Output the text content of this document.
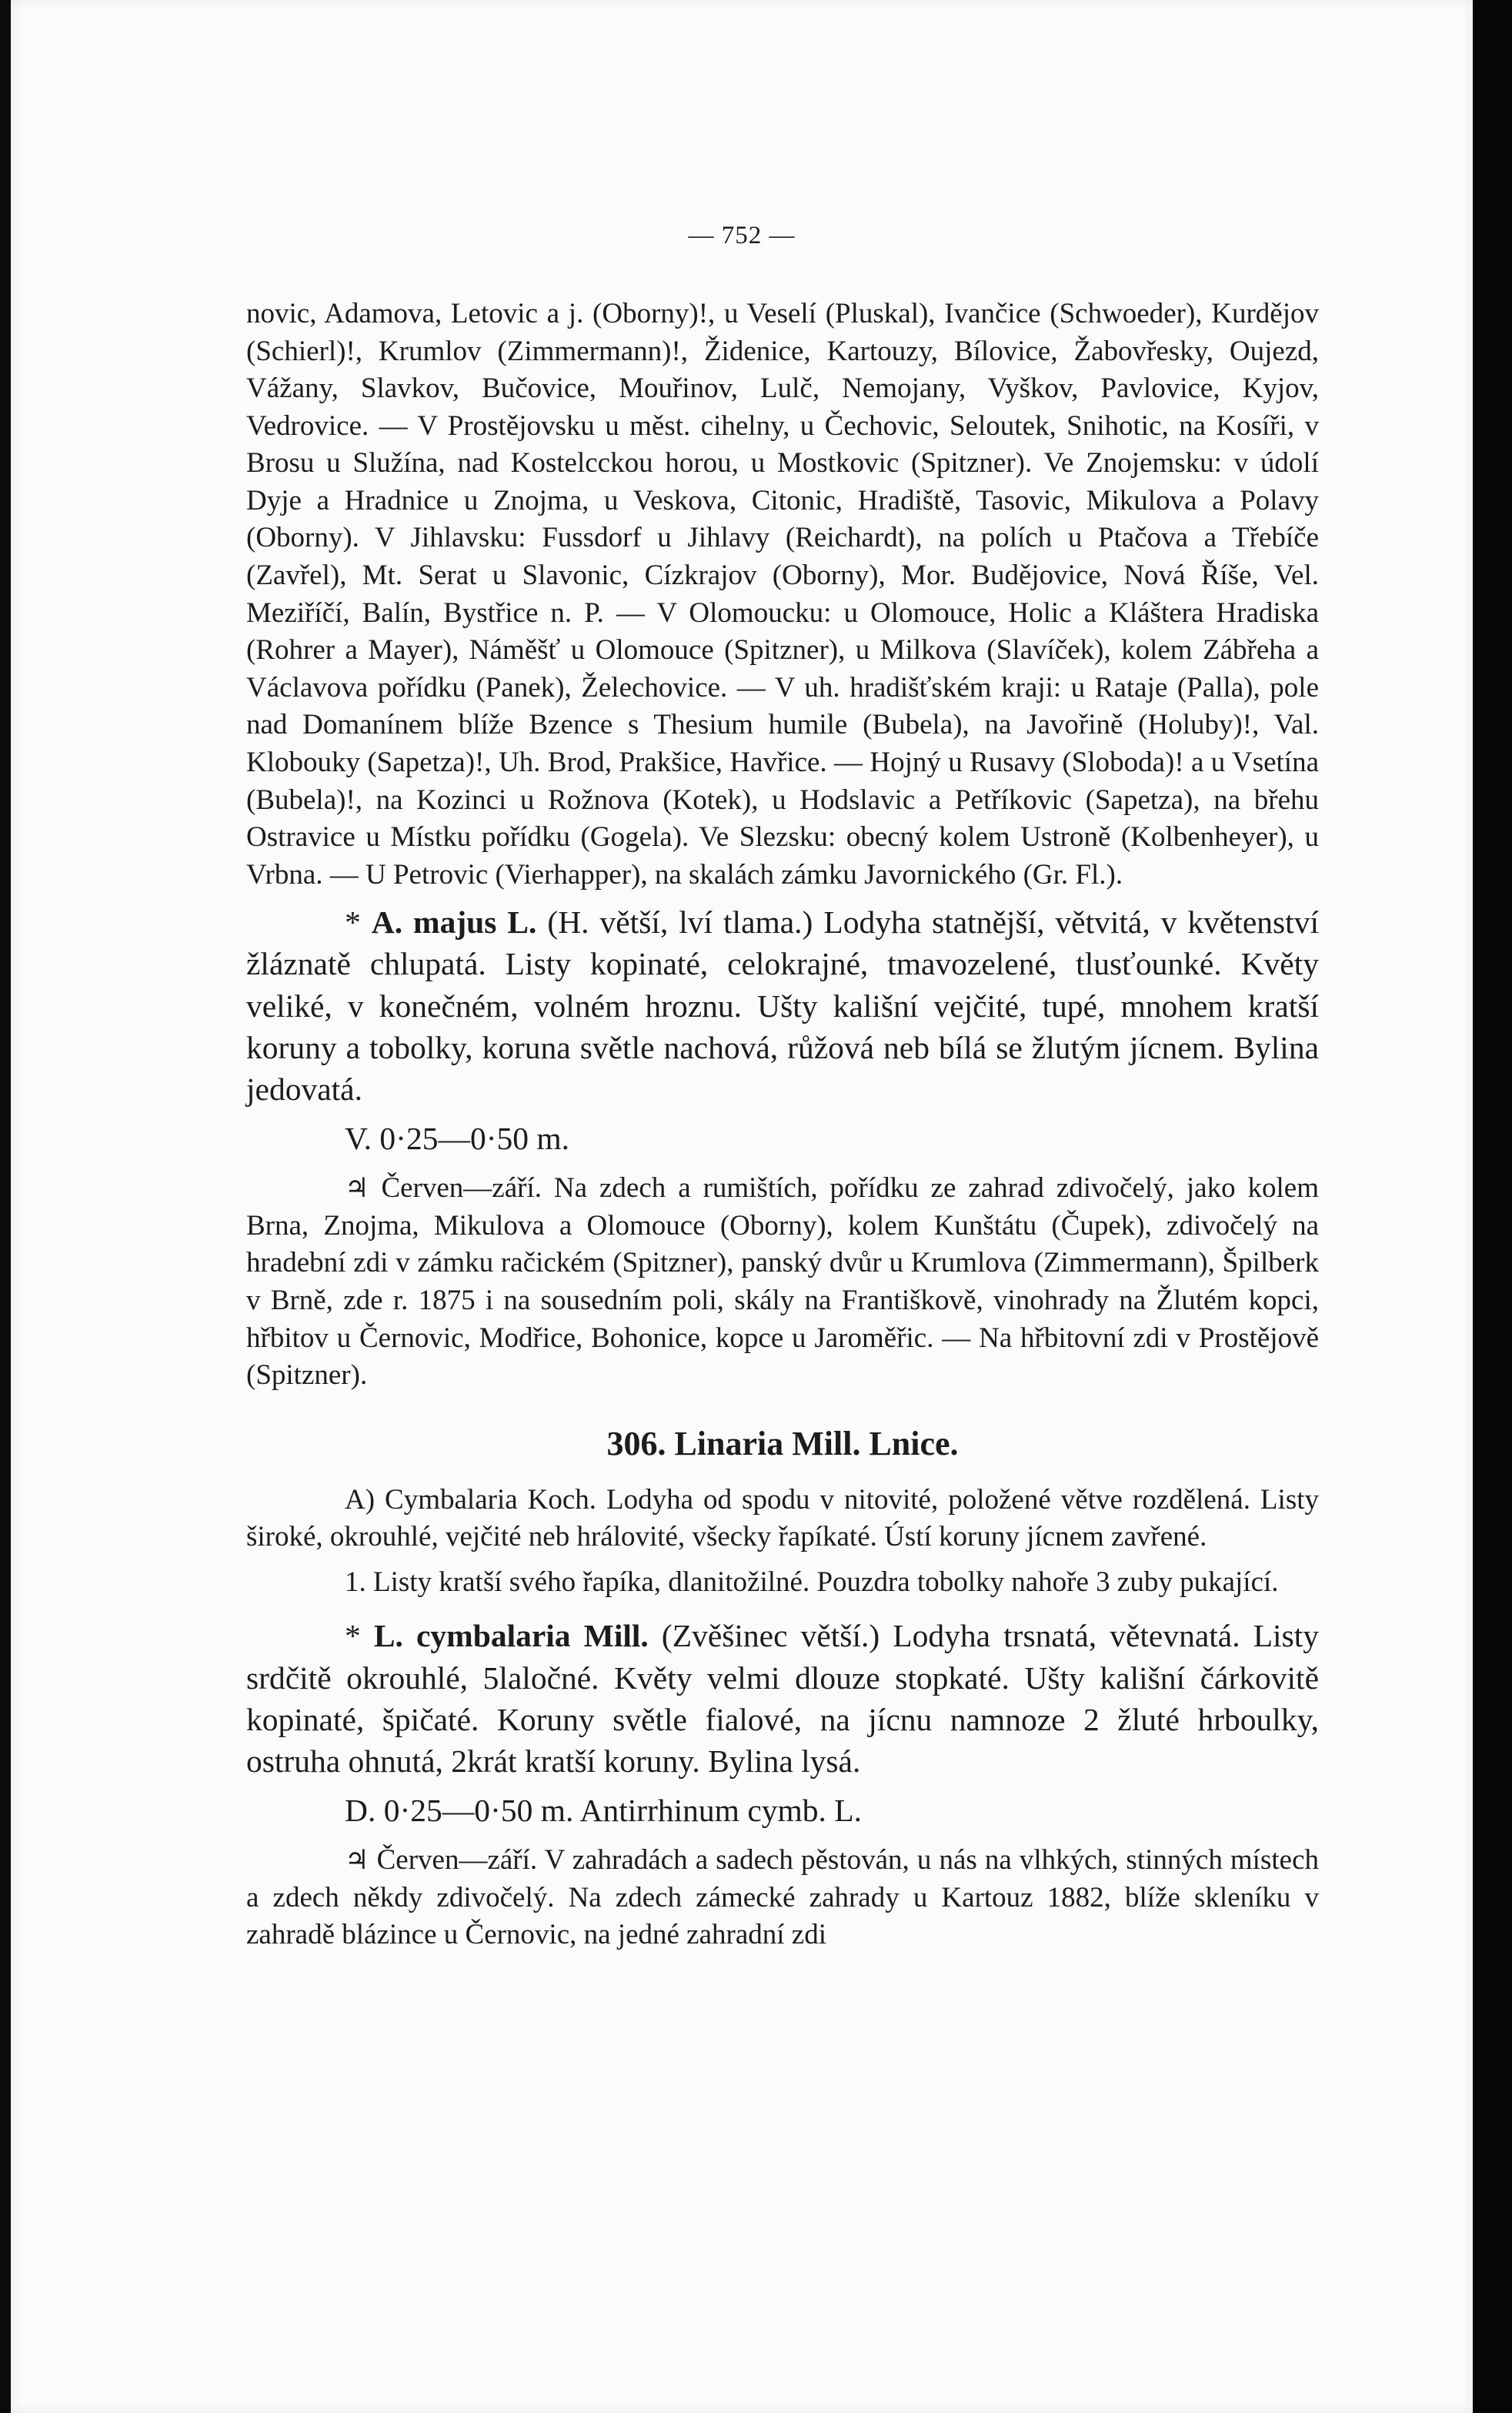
— 752 —

novic, Adamova, Letovic a j. (Oborny)!, u Veselí (Pluskal), Ivančice (Schwoeder), Kurdějov (Schierl)!, Krumlov (Zimmermann)!, Židenice, Kartouzy, Bílovice, Žabovřesky, Oujezd, Vážany, Slavkov, Bučovice, Mouřinov, Lulč, Nemojany, Vyškov, Pavlovice, Kyjov, Vedrovice. — V Prostějovsku u měst. cihelny, u Čechovic, Seloutek, Snihotic, na Kosíři, v Brosu u Služína, nad Kostelcckou horou, u Mostkovic (Spitzner). Ve Znojemsku: v údolí Dyje a Hradnice u Znojma, u Veskova, Citonic, Hradiště, Tasovic, Mikulova a Polavy (Oborny). V Jihlavsku: Fussdorf u Jihlavy (Reichardt), na polích u Ptačova a Třebíče (Zavřel), Mt. Serat u Slavonic, Cízkrajov (Oborny), Mor. Budějovice, Nová Říše, Vel. Meziříčí, Balín, Bystřice n. P. — V Olomoucku: u Olomouce, Holic a Kláštera Hradiska (Rohrer a Mayer), Náměšť u Olomouce (Spitzner), u Milkova (Slavíček), kolem Zábřeha a Václavova pořídku (Panek), Želechovice. — V uh. hradišťském kraji: u Rataje (Palla), pole nad Domanínem blíže Bzence s Thesium humile (Bubela), na Javořině (Holuby)!, Val. Klobouky (Sapetza)!, Uh. Brod, Prakšice, Havřice. — Hojný u Rusavy (Sloboda)! a u Vsetína (Bubela)!, na Kozinci u Rožnova (Kotek), u Hodslavic a Petříkovic (Sapetza), na břehu Ostravice u Místku pořídku (Gogela). Ve Slezsku: obecný kolem Ustroně (Kolbenheyer), u Vrbna. — U Petrovic (Vierhapper), na skalách zámku Javornického (Gr. Fl.).

* A. majus L. (H. větší, lví tlama.) Lodyha statnější, větvitá, v květenství žláznatě chlupatá. Listy kopinaté, celokrajné, tmavozelené, tlusťounké. Květy veliké, v konečném, volném hroznu. Ušty kališní vejčité, tupé, mnohem kratší koruny a tobolky, koruna světle nachová, růžová neb bílá se žlutým jícnem. Bylina jedovatá.

V. 0·25—0·50 m.

♃ Červen—září. Na zdech a rumištích, pořídku ze zahrad zdivočelý, jako kolem Brna, Znojma, Mikulova a Olomouce (Oborny), kolem Kunštátu (Čupek), zdivočelý na hradební zdi v zámku račickém (Spitzner), panský dvůr u Krumlova (Zimmermann), Špilberk v Brně, zde r. 1875 i na sousedním poli, skály na Františkově, vinohrady na Žlutém kopci, hřbitov u Černovic, Modřice, Bohonice, kopce u Jaroměřic. — Na hřbitovní zdi v Prostějově (Spitzner).

306. Linaria Mill. Lnice.

A) Cymbalaria Koch. Lodyha od spodu v nitovité, položené větve rozdělená. Listy široké, okrouhlé, vejčité neb hrálovité, všecky řapíkaté. Ústí koruny jícnem zavřené.

1. Listy kratší svého řapíka, dlanitožilné. Pouzdra tobolky nahoře 3 zuby pukající.

* L. cymbalaria Mill. (Zvěšinec větší.) Lodyha trsnatá, větevnatá. Listy srdčitě okrouhlé, 5laločné. Květy velmi dlouze stopkaté. Ušty kališní čárkovitě kopinaté, špičaté. Koruny světle fialové, na jícnu namnoze 2 žluté hrboulky, ostruha ohnutá, 2krát kratší koruny. Bylina lysá.

D. 0·25—0·50 m. Antirrhinum cymb. L.

♃ Červen—září. V zahradách a sadech pěstován, u nás na vlhkých, stinných místech a zdech někdy zdivočelý. Na zdech zámecké zahrady u Kartouz 1882, blíže skleníku v zahradě blázince u Černovic, na jedné zahradní zdi
